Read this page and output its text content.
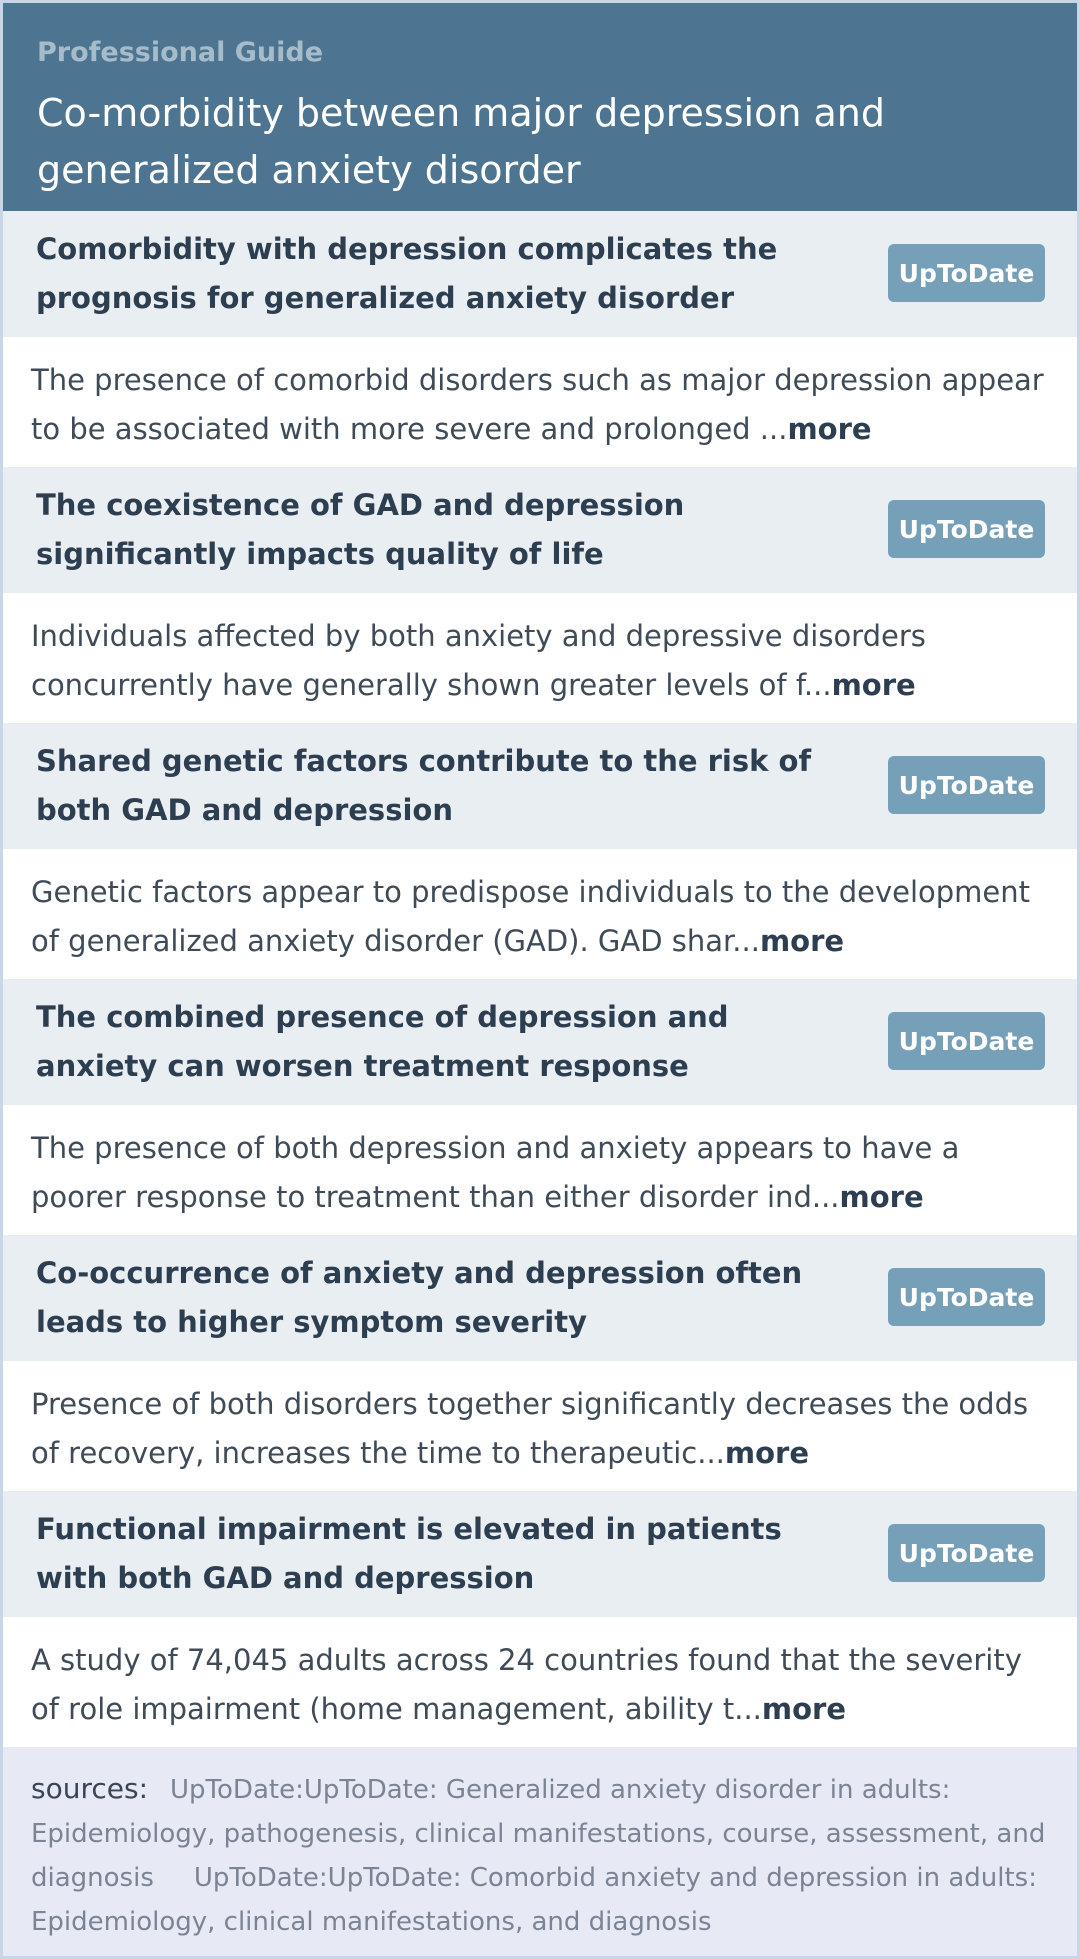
Professional Guide
Co-morbidity between major depression and generalized anxiety disorder
Comorbidity with depression complicates the prognosis for generalized anxiety disorder
UpToDate
The presence of comorbid disorders such as major depression appear to be associated with more severe and prolonged ...more
The coexistence of GAD and depression significantly impacts quality of life
UpToDate
Individuals affected by both anxiety and depressive disorders concurrently have generally shown greater levels of f...more
Shared genetic factors contribute to the risk of both GAD and depression
UpToDate
Genetic factors appear to predispose individuals to the development of generalized anxiety disorder (GAD). GAD shar...more
The combined presence of depression and anxiety can worsen treatment response
UpToDate
The presence of both depression and anxiety appears to have a poorer response to treatment than either disorder ind...more
Co-occurrence of anxiety and depression often leads to higher symptom severity
UpToDate
Presence of both disorders together significantly decreases the odds of recovery, increases the time to therapeutic...more
Functional impairment is elevated in patients with both GAD and depression
UpToDate
A study of 74,045 adults across 24 countries found that the severity of role impairment (home management, ability t...more
sources: UpToDate:UpToDate: Generalized anxiety disorder in adults: Epidemiology, pathogenesis, clinical manifestations, course, assessment, and diagnosis UpToDate:UpToDate: Comorbid anxiety and depression in adults: Epidemiology, clinical manifestations, and diagnosis
